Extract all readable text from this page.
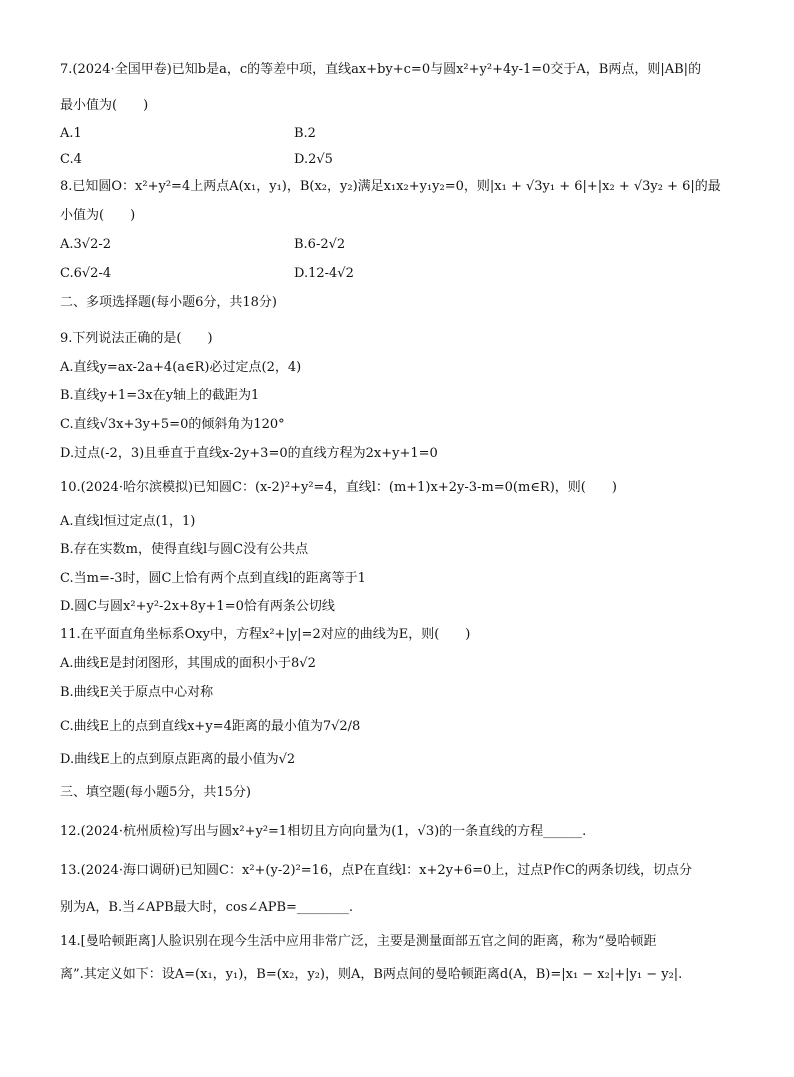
7.(2024·全国甲卷)已知b是a，c的等差中项，直线ax+by+c=0与圆x²+y²+4y-1=0交于A，B两点，则|AB|的
最小值为(　　)
A.1	B.2
C.4	D.2√5
8.已知圆O：x²+y²=4上两点A(x₁，y₁)，B(x₂，y₂)满足x₁x₂+y₁y₂=0，则|x₁ + √3y₁ + 6|+|x₂ + √3y₂ + 6|的最
小值为(　　)
A.3√2-2	B.6-2√2
C.6√2-4	D.12-4√2
二、多项选择题(每小题6分，共18分)
9.下列说法正确的是(　　)
A.直线y=ax-2a+4(a∈R)必过定点(2，4)
B.直线y+1=3x在y轴上的截距为1
C.直线√3x+3y+5=0的倾斜角为120°
D.过点(-2，3)且垂直于直线x-2y+3=0的直线方程为2x+y+1=0
10.(2024·哈尔滨模拟)已知圆C：(x-2)²+y²=4，直线l：(m+1)x+2y-3-m=0(m∈R)，则(　　)
A.直线l恒过定点(1，1)
B.存在实数m，使得直线l与圆C没有公共点
C.当m=-3时，圆C上恰有两个点到直线l的距离等于1
D.圆C与圆x²+y²-2x+8y+1=0恰有两条公切线
11.在平面直角坐标系Oxy中，方程x²+|y|=2对应的曲线为E，则(　　)
A.曲线E是封闭图形，其围成的面积小于8√2
B.曲线E关于原点中心对称
C.曲线E上的点到直线x+y=4距离的最小值为7√2/8
D.曲线E上的点到原点距离的最小值为√2
三、填空题(每小题5分，共15分)
12.(2024·杭州质检)写出与圆x²+y²=1相切且方向向量为(1，√3)的一条直线的方程______.
13.(2024·海口调研)已知圆C：x²+(y-2)²=16，点P在直线l：x+2y+6=0上，过点P作C的两条切线，切点分
别为A，B.当∠APB最大时，cos∠APB=________.
14.[曼哈顿距离]人脸识别在现今生活中应用非常广泛，主要是测量面部五官之间的距离，称为“曼哈顿距
离”.其定义如下：设A=(x₁，y₁)，B=(x₂，y₂)，则A，B两点间的曼哈顿距离d(A，B)=|x₁ − x₂|+|y₁ − y₂|.
